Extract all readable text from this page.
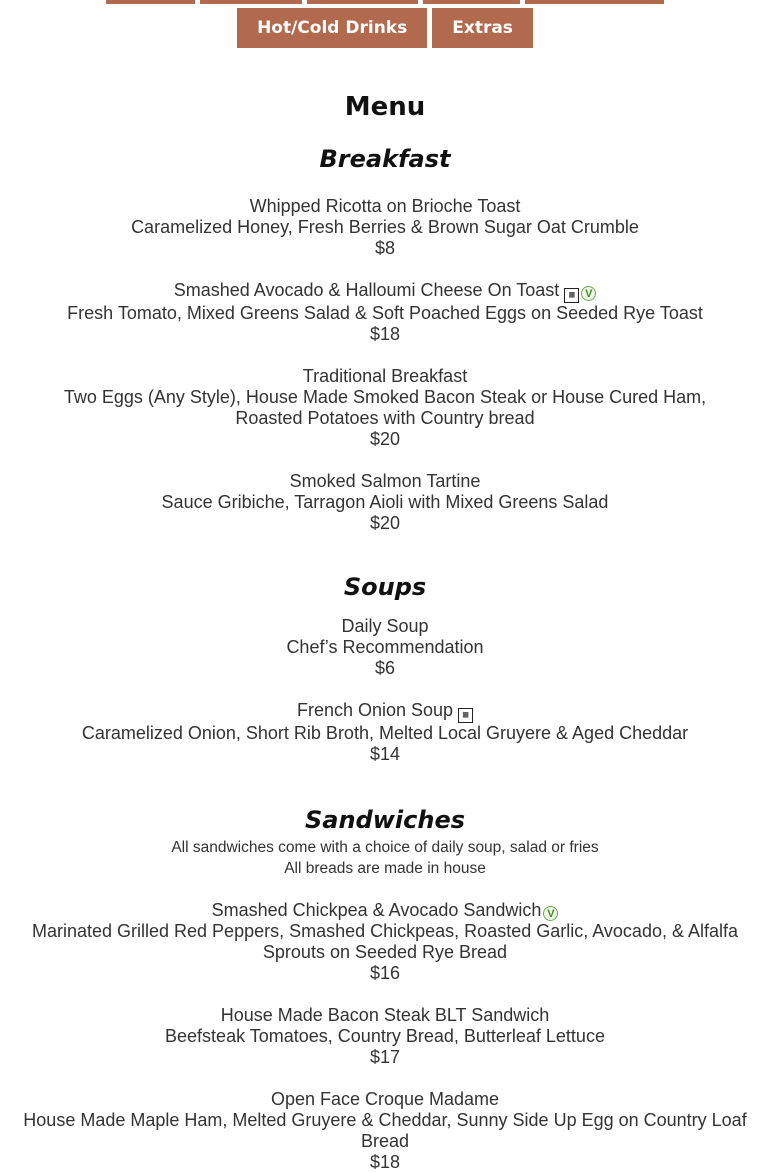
Hot/Cold Drinks	Extras
Menu
Breakfast
Whipped Ricotta on Brioche Toast
Caramelized Honey, Fresh Berries & Brown Sugar Oat Crumble
$8
Smashed Avocado & Halloumi Cheese On Toast ▦ V
Fresh Tomato, Mixed Greens Salad & Soft Poached Eggs on Seeded Rye Toast
$18
Traditional Breakfast
Two Eggs (Any Style), House Made Smoked Bacon Steak or House Cured Ham, Roasted Potatoes with Country bread
$20
Smoked Salmon Tartine
Sauce Gribiche, Tarragon Aioli with Mixed Greens Salad
$20
Soups
Daily Soup
Chef’s Recommendation
$6
French Onion Soup ▦
Caramelized Onion, Short Rib Broth, Melted Local Gruyere & Aged Cheddar
$14
Sandwiches
All sandwiches come with a choice of daily soup, salad or fries
All breads are made in house
Smashed Chickpea & Avocado Sandwich V
Marinated Grilled Red Peppers, Smashed Chickpeas, Roasted Garlic, Avocado, & Alfalfa Sprouts on Seeded Rye Bread
$16
House Made Bacon Steak BLT Sandwich
Beefsteak Tomatoes, Country Bread, Butterleaf Lettuce
$17
Open Face Croque Madame
House Made Maple Ham, Melted Gruyere & Cheddar, Sunny Side Up Egg on Country Loaf Bread
$18
